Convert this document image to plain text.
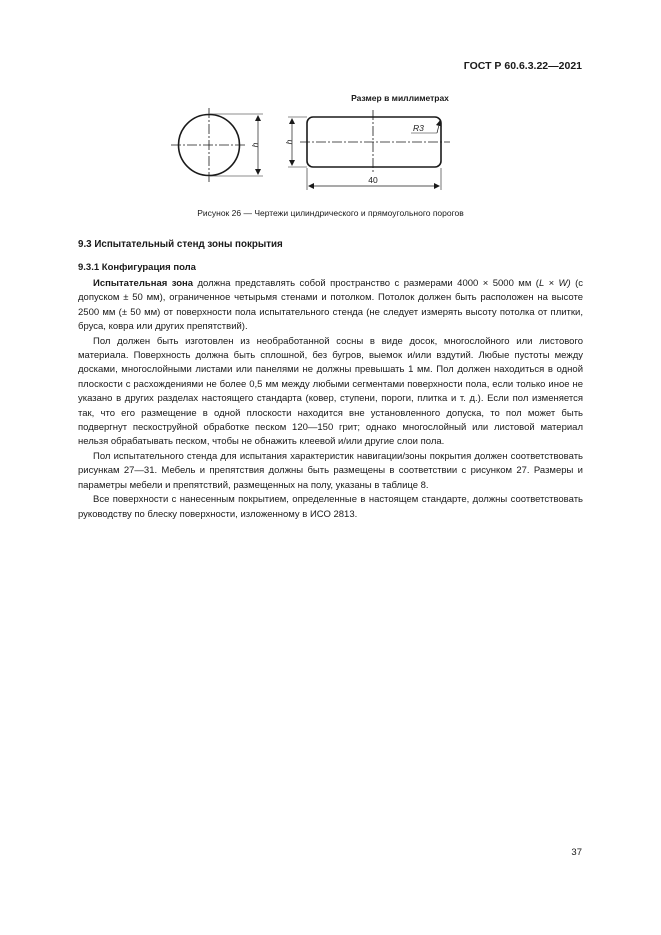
ГОСТ Р 60.6.3.22—2021
Размер в миллиметрах
h
h
40
R3
Рисунок 26 — Чертежи цилиндрического и прямоугольного порогов
9.3 Испытательный стенд зоны покрытия
9.3.1 Конфигурация пола

Испытательная зона должна представлять собой пространство с размерами 4000 × 5000 мм (L × W) (с допуском ± 50 мм), ограниченное четырьмя стенами и потолком. Потолок должен быть расположен на высоте 2500 мм (± 50 мм) от поверхности пола испытательного стенда (не следует измерять высоту потолка от плитки, бруса, ковра или других препятствий).

Пол должен быть изготовлен из необработанной сосны в виде досок, многослойного или листового материала. Поверхность должна быть сплошной, без бугров, выемок и/или вздутий. Любые пустоты между досками, многослойными листами или панелями не должны превышать 1 мм. Пол должен находиться в одной плоскости с расхождениями не более 0,5 мм между любыми сегментами поверхности пола, если только иное не указано в других разделах настоящего стандарта (ковер, ступени, пороги, плитка и т. д.). Если пол изменяется так, что его размещение в одной плоскости находится вне установленного допуска, то пол может быть подвергнут пескоструйной обработке песком 120—150 грит; однако многослойный или листовой материал нельзя обрабатывать песком, чтобы не обнажить клеевой и/или другие слои пола.

Пол испытательного стенда для испытания характеристик навигации/зоны покрытия должен соответствовать рисункам 27—31. Мебель и препятствия должны быть размещены в соответствии с рисунком 27. Размеры и параметры мебели и препятствий, размещенных на полу, указаны в таблице 8.

Все поверхности с нанесенным покрытием, определенные в настоящем стандарте, должны соответствовать руководству по блеску поверхности, изложенному в ИСО 2813.

37
